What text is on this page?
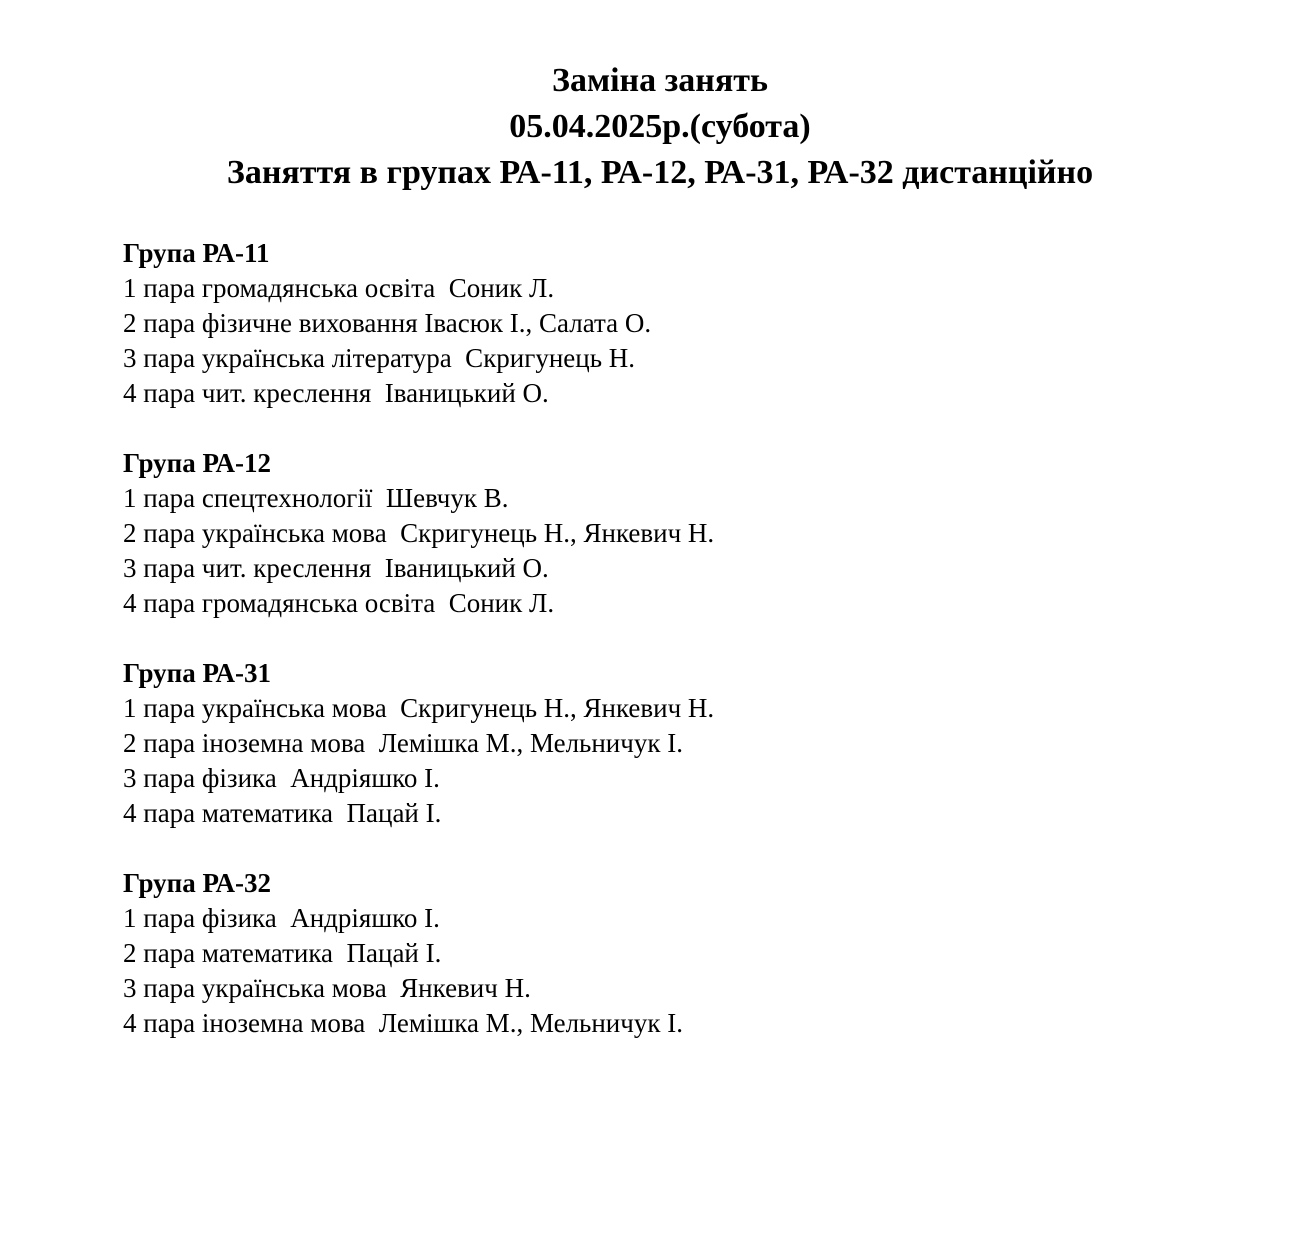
Заміна занять
05.04.2025р.(субота)
Заняття в групах РА-11, РА-12, РА-31, РА-32 дистанційно
Група РА-11
1 пара громадянська освіта  Соник Л.
2 пара фізичне виховання Івасюк І., Салата О.
3 пара українська література  Скригунець Н.
4 пара чит. креслення  Іваницький О.
Група РА-12
1 пара спецтехнології  Шевчук В.
2 пара українська мова  Скригунець Н., Янкевич Н.
3 пара чит. креслення  Іваницький О.
4 пара громадянська освіта  Соник Л.
Група РА-31
1 пара українська мова  Скригунець Н., Янкевич Н.
2 пара іноземна мова  Лемішка М., Мельничук І.
3 пара фізика  Андріяшко І.
4 пара математика  Пацай І.
Група РА-32
1 пара фізика  Андріяшко І.
2 пара математика  Пацай І.
3 пара українська мова  Янкевич Н.
4 пара іноземна мова  Лемішка М., Мельничук І.
